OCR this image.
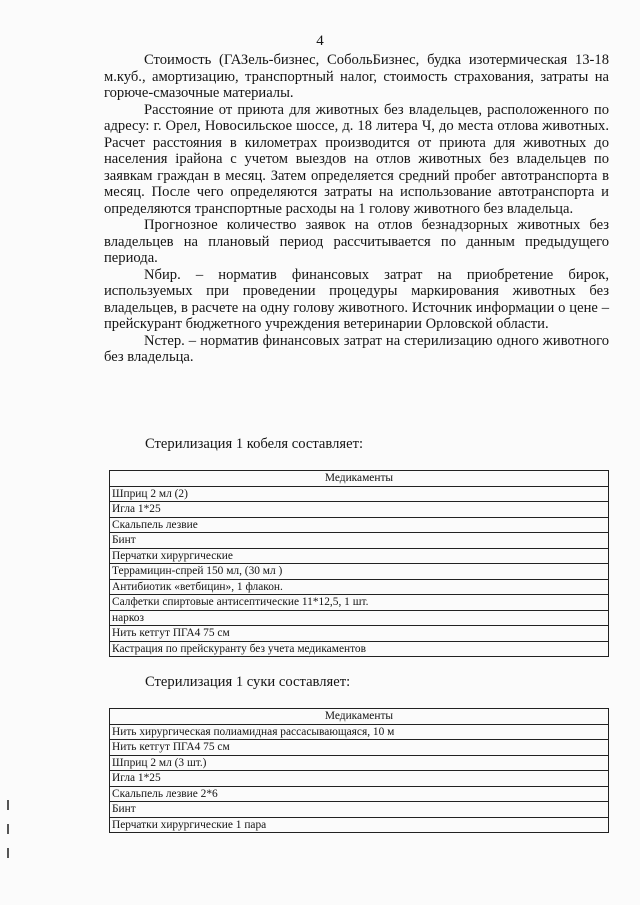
4

Стоимость (ГАЗель-бизнес, СобольБизнес, будка изотермическая 13-18 м.куб., амортизацию, транспортный налог, стоимость страхования, затраты на горюче-смазочные материалы.

Расстояние от приюта для животных без владельцев, расположенного по адресу: г. Орел, Новосильское шоссе, д. 18 литера Ч, до места отлова животных. Расчет расстояния в километрах производится от приюта для животных до населения iрайона с учетом выездов на отлов животных без владельцев по заявкам граждан в месяц. Затем определяется средний пробег автотранспорта в месяц. После чего определяются затраты на использование автотранспорта и определяются транспортные расходы на 1 голову животного без владельца.

Прогнозное количество заявок на отлов безнадзорных животных без владельцев на плановый период рассчитывается по данным предыдущего периода.

Nбир. – норматив финансовых затрат на приобретение бирок, используемых при проведении процедуры маркирования животных без владельцев, в расчете на одну голову животного. Источник информации о цене – прейскурант бюджетного учреждения ветеринарии Орловской области.

Nстер. – норматив финансовых затрат на стерилизацию одного животного без владельца.

Стерилизация 1 кобеля составляет:
Медикаменты
Шприц 2 мл (2)
Игла 1*25
Скальпель лезвие
Бинт
Перчатки хирургические
Террамицин-спрей 150 мл, (30 мл )
Антибиотик «ветбицин», 1 флакон.
Салфетки спиртовые антисептические 11*12,5, 1 шт.
наркоз
Нить кетгут ПГА4 75 см
Кастрация по прейскуранту без учета медикаментов
Стерилизация 1 суки составляет:
Медикаменты
Нить хирургическая полиамидная рассасывающаяся, 10 м
Нить кетгут ПГА4 75 см
Шприц 2 мл (3 шт.)
Игла 1*25
Скальпель лезвие 2*6
Бинт
Перчатки хирургические 1 пара
